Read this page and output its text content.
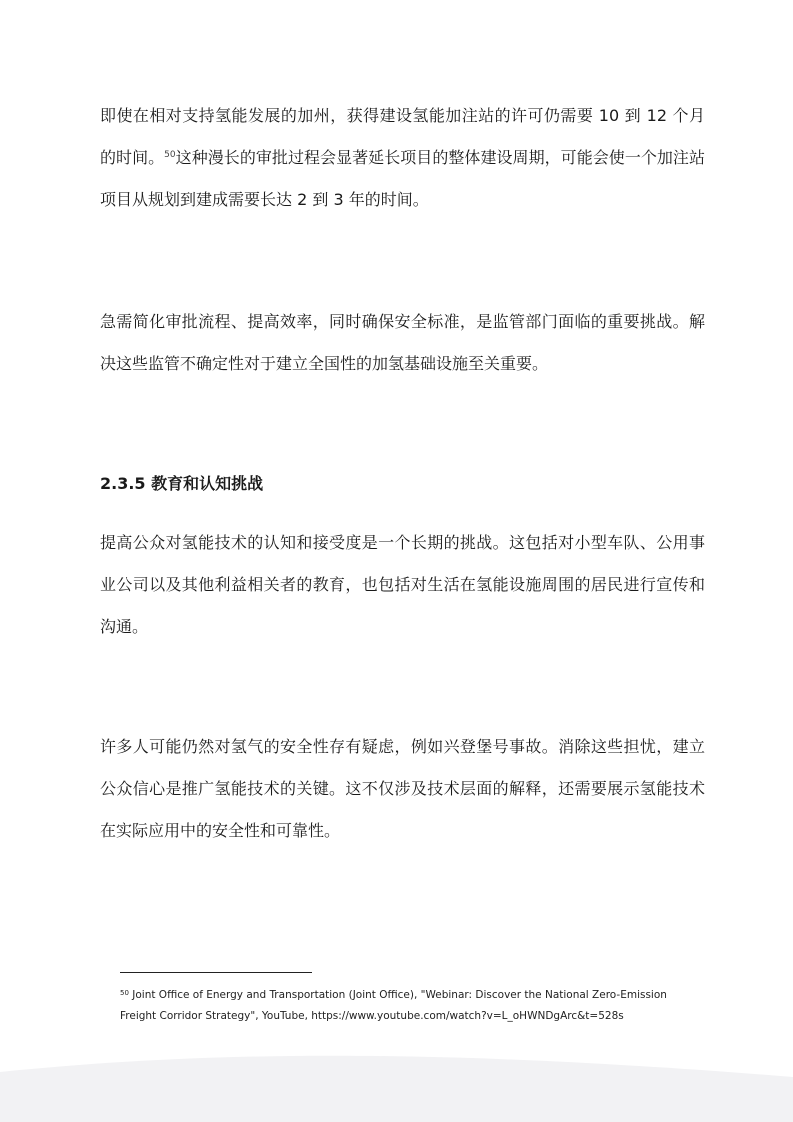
即使在相对支持氢能发展的加州，获得建设氢能加注站的许可仍需要 10 到 12 个月的时间。$^{50}$这种漫长的审批过程会显著延长项目的整体建设周期，可能会使一个加注站项目从规划到建成需要长达 2 到 3 年的时间。

急需简化审批流程、提高效率，同时确保安全标准，是监管部门面临的重要挑战。解决这些监管不确定性对于建立全国性的加氢基础设施至关重要。

2.3.5 教育和认知挑战

提高公众对氢能技术的认知和接受度是一个长期的挑战。这包括对小型车队、公用事业公司以及其他利益相关者的教育，也包括对生活在氢能设施周围的居民进行宣传和沟通。

许多人可能仍然对氢气的安全性存有疑虑，例如兴登堡号事故。消除这些担忧，建立公众信心是推广氢能技术的关键。这不仅涉及技术层面的解释，还需要展示氢能技术在实际应用中的安全性和可靠性。

$^{50}$ Joint Office of Energy and Transportation (Joint Office), "Webinar: Discover the National Zero-Emission Freight Corridor Strategy", YouTube, https://www.youtube.com/watch?v=L_oHWNDgArc&t=528s
